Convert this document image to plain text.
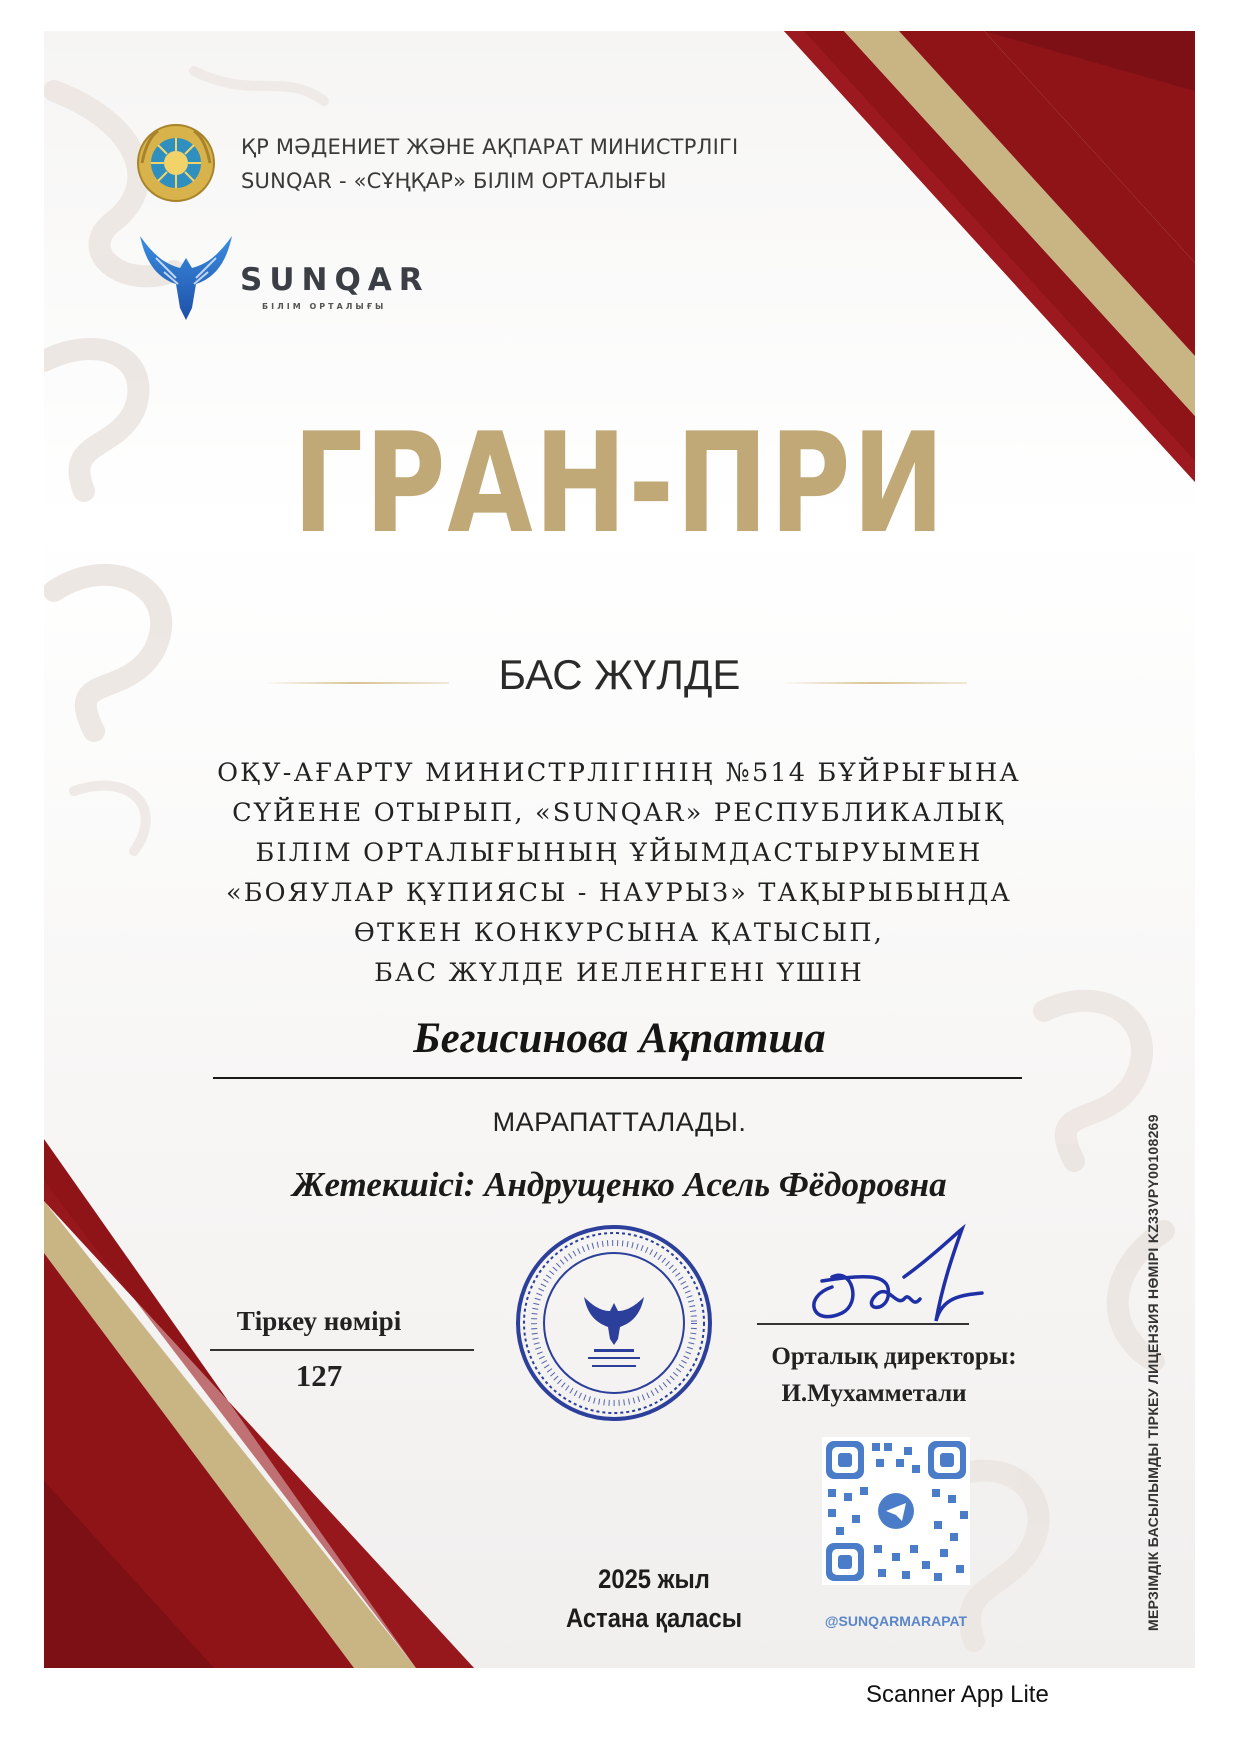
ҚР МӘДЕНИЕТ ЖӘНЕ АҚПАРАТ МИНИСТРЛІГІ
SUNQAR - «СҰҢҚАР» БІЛІМ ОРТАЛЫҒЫ
SUNQAR
БІЛІМ ОРТАЛЫҒЫ
ГРАН-ПРИ
БАС ЖҮЛДЕ
ОҚУ-АҒАРТУ МИНИСТРЛІГІНІҢ №514 БҰЙРЫҒЫНА
СҮЙЕНЕ ОТЫРЫП, «SUNQAR» РЕСПУБЛИКАЛЫҚ
БІЛІМ ОРТАЛЫҒЫНЫҢ ҰЙЫМДАСТЫРУЫМЕН
«БОЯУЛАР ҚҰПИЯСЫ - НАУРЫЗ» ТАҚЫРЫБЫНДА
ӨТКЕН КОНКУРСЫНА ҚАТЫСЫП,
БАС ЖҮЛДЕ ИЕЛЕНГЕНІ ҮШІН
Бегисинова Ақпатша
МАРАПАТТАЛАДЫ.
Жетекшісі: Андрущенко Асель Фёдоровна
Тіркеу нөмірі
127
Орталық директоры:
И.Мухамметали
2025 жыл
Астана қаласы	@SUNQARMARAPAT	МЕРЗІМДІК БАСЫЛЫМДЫ ТІРКЕУ ЛИЦЕНЗИЯ НӨМІРІ KZ33VPY00108269
Scanner App Lite
